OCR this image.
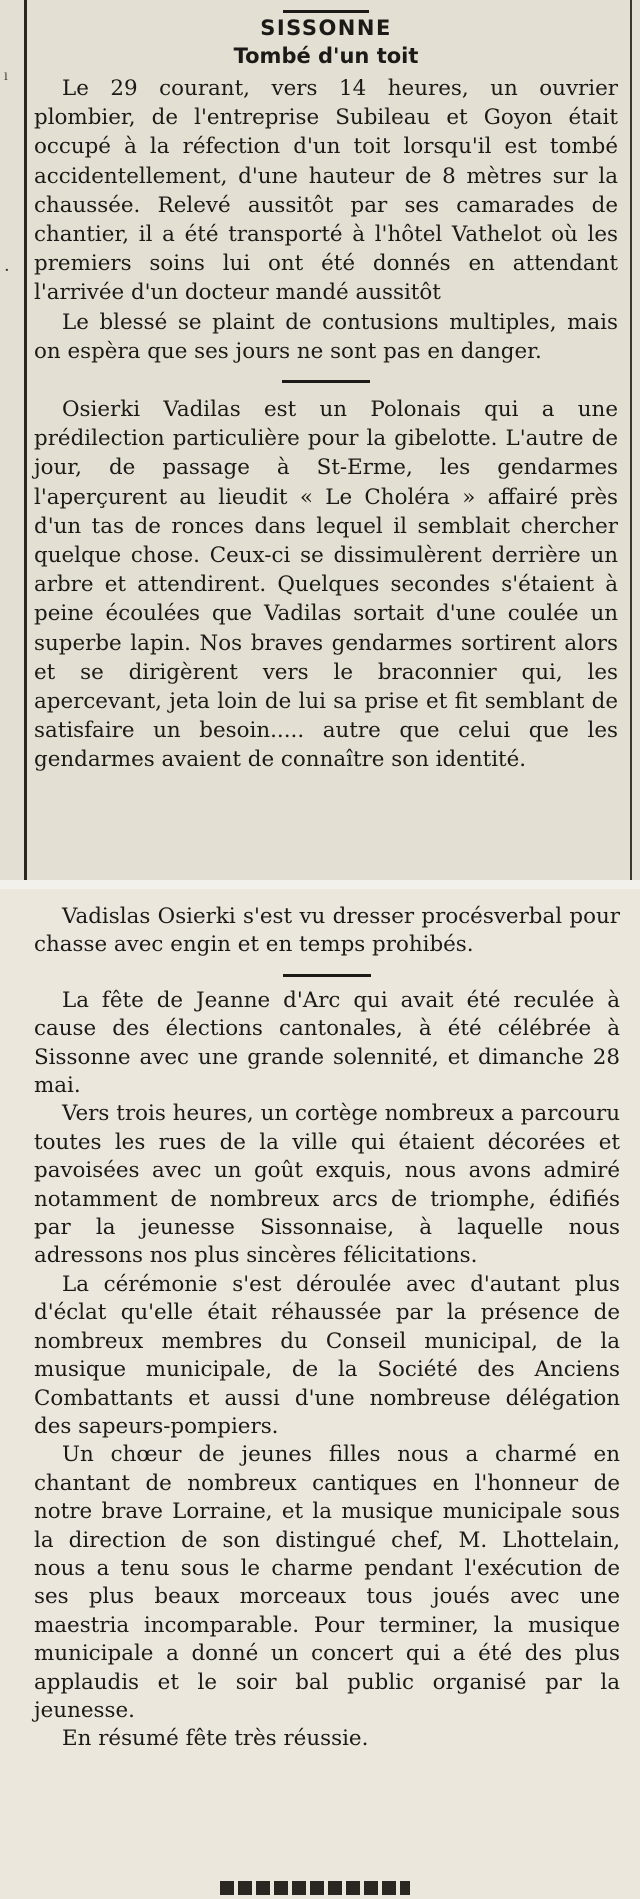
SISSONNE
Tombé d'un toit

Le 29 courant, vers 14 heures, un ouvrier plombier, de l'entreprise Subileau et Goyon était occupé à la réfection d'un toit lorsqu'il est tombé accidentellement, d'une hauteur de 8 mètres sur la chaussée. Relevé aussitôt par ses camarades de chantier, il a été transporté à l'hôtel Vathelot où les premiers soins lui ont été donnés en attendant l'arrivée d'un docteur mandé aussitôt

Le blessé se plaint de contusions multiples, mais on espèra que ses jours ne sont pas en danger.

Osierki Vadilas est un Polonais qui a une prédilection particulière pour la gibelotte. L'autre de jour, de passage à St-Erme, les gendarmes l'aperçurent au lieudit « Le Choléra » affairé près d'un tas de ronces dans lequel il semblait chercher quelque chose. Ceux-ci se dissimulèrent derrière un arbre et attendirent. Quelques secondes s'étaient à peine écoulées que Vadilas sortait d'une coulée un superbe lapin. Nos braves gendarmes sortirent alors et se dirigèrent vers le braconnier qui, les apercevant, jeta loin de lui sa prise et fit semblant de satisfaire un besoin..... autre que celui que les gendarmes avaient de connaître son identité.

ˡ
·

Vadislas Osierki s'est vu dresser procésverbal pour chasse avec engin et en temps prohibés.

La fête de Jeanne d'Arc qui avait été reculée à cause des élections cantonales, à été célébrée à Sissonne avec une grande solennité, et dimanche 28 mai.

Vers trois heures, un cortège nombreux a parcouru toutes les rues de la ville qui étaient décorées et pavoisées avec un goût exquis, nous avons admiré notamment de nombreux arcs de triomphe, édifiés par la jeunesse Sissonnaise, à laquelle nous adressons nos plus sincères félicitations.

La cérémonie s'est déroulée avec d'autant plus d'éclat qu'elle était réhaussée par la présence de nombreux membres du Conseil municipal, de la musique municipale, de la Société des Anciens Combattants et aussi d'une nombreuse délégation des sapeurs-pompiers.

Un chœur de jeunes filles nous a charmé en chantant de nombreux cantiques en l'honneur de notre brave Lorraine, et la musique municipale sous la direction de son distingué chef, M. Lhottelain, nous a tenu sous le charme pendant l'exécution de ses plus beaux morceaux tous joués avec une maestria incomparable. Pour terminer, la musique municipale a donné un concert qui a été des plus applaudis et le soir bal public organisé par la jeunesse.

En résumé fête très réussie.
